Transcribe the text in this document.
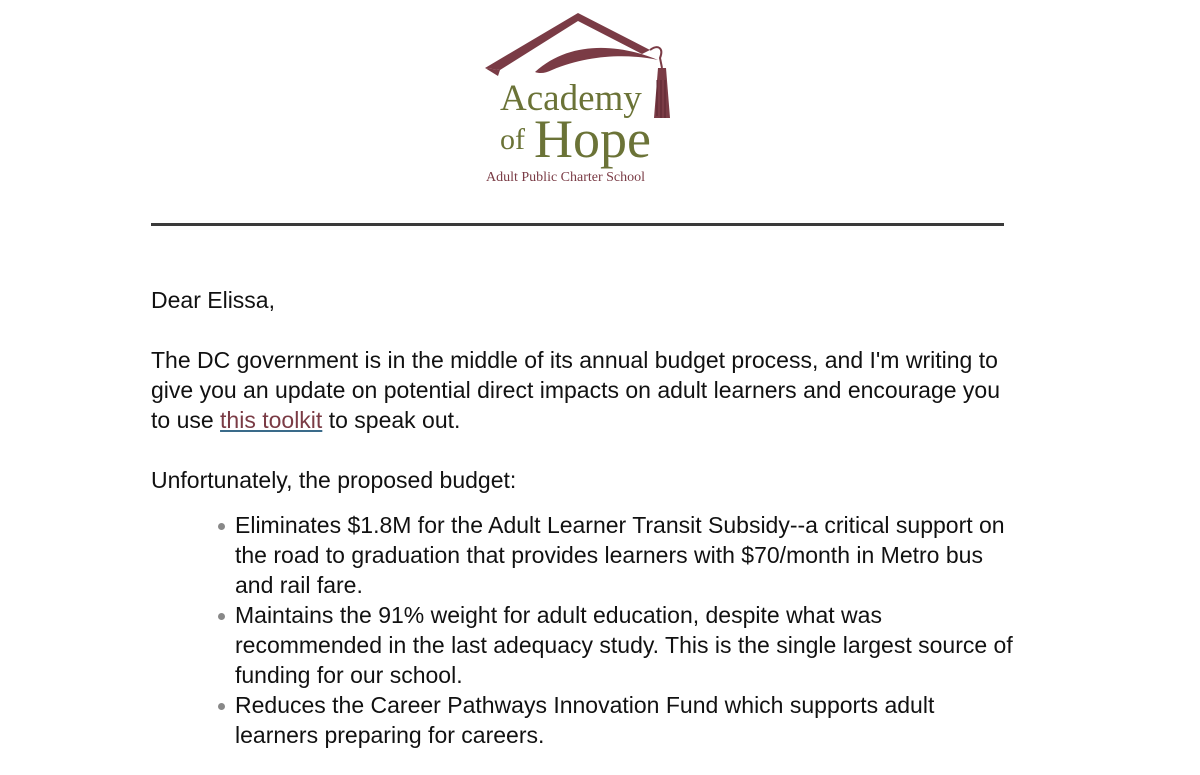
Academy
of Hope
Adult Public Charter School

Dear Elissa,

The DC government is in the middle of its annual budget process, and I'm writing to give you an update on potential direct impacts on adult learners and encourage you to use this toolkit to speak out.

Unfortunately, the proposed budget:

Eliminates $1.8M for the Adult Learner Transit Subsidy--a critical support on the road to graduation that provides learners with $70/month in Metro bus and rail fare.
Maintains the 91% weight for adult education, despite what was recommended in the last adequacy study. This is the single largest source of funding for our school.
Reduces the Career Pathways Innovation Fund which supports adult learners preparing for careers.
